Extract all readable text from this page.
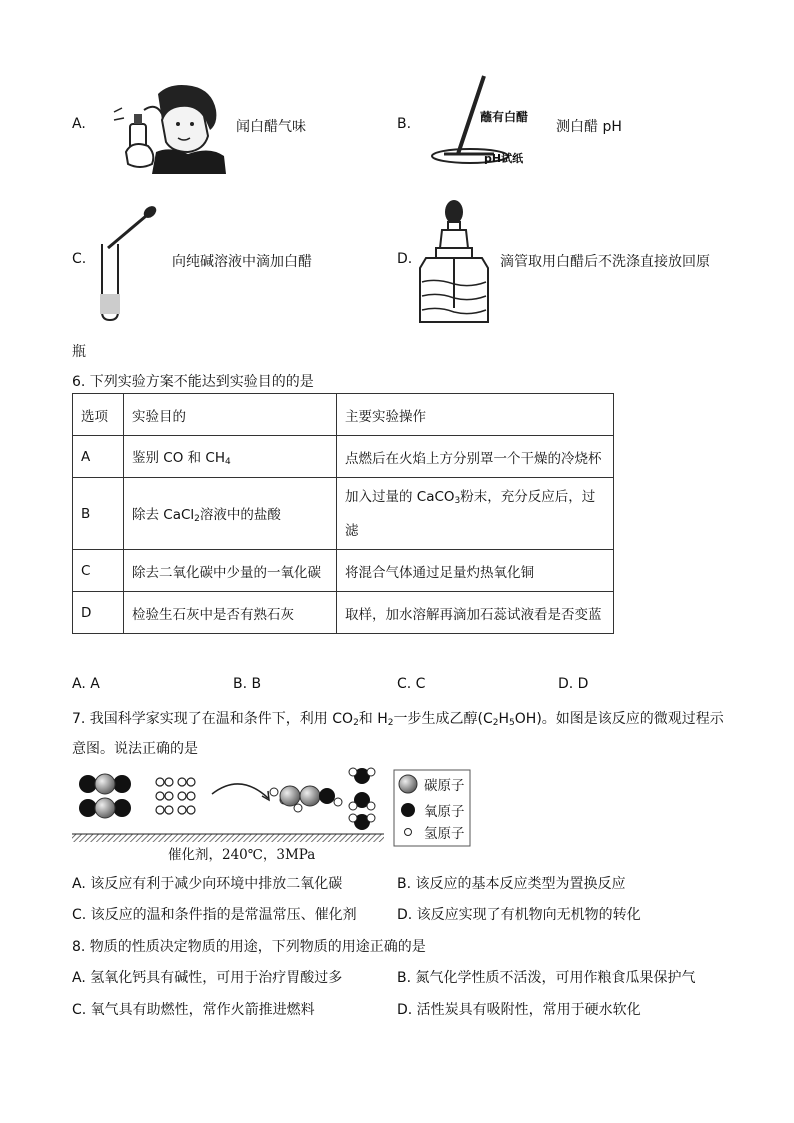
A.	闻白醋气味	B.	蘸有白醋
pH试纸
测白醋 pH
C.	向纯碱溶液中滴加白醋	D.	滴管取用白醋后不洗涤直接放回原
瓶
6. 下列实验方案不能达到实验目的的是
选项	实验目的	主要实验操作
A	鉴别 CO 和 $CH_4$	点燃后在火焰上方分别罩一个干燥的冷烧杯
B	除去 CaCl$_2$溶液中的盐酸	加入过量的 CaCO$_3$粉末，充分反应后，过
滤
C	除去二氧化碳中少量的一氧化碳	将混合气体通过足量灼热氧化铜
D	检验生石灰中是否有熟石灰	取样，加水溶解再滴加石蕊试液看是否变蓝
A. A	B. B	C. C	D. D
7. 我国科学家实现了在温和条件下，利用 $CO_2$和 $H_2$一步生成乙醇$(C_2H_5OH)$。如图是该反应的微观过程示
意图。说法正确的是
碳原子
氧原子
氢原子
催化剂，240℃，3MPa
A. 该反应有利于减少向环境中排放二氧化碳	B. 该反应的基本反应类型为置换反应
C. 该反应的温和条件指的是常温常压、催化剂	D. 该反应实现了有机物向无机物的转化
8. 物质的性质决定物质的用途，下列物质的用途正确的是
A. 氢氧化钙具有碱性，可用于治疗胃酸过多	B. 氮气化学性质不活泼，可用作粮食瓜果保护气
C. 氧气具有助燃性，常作火箭推进燃料	D. 活性炭具有吸附性，常用于硬水软化
